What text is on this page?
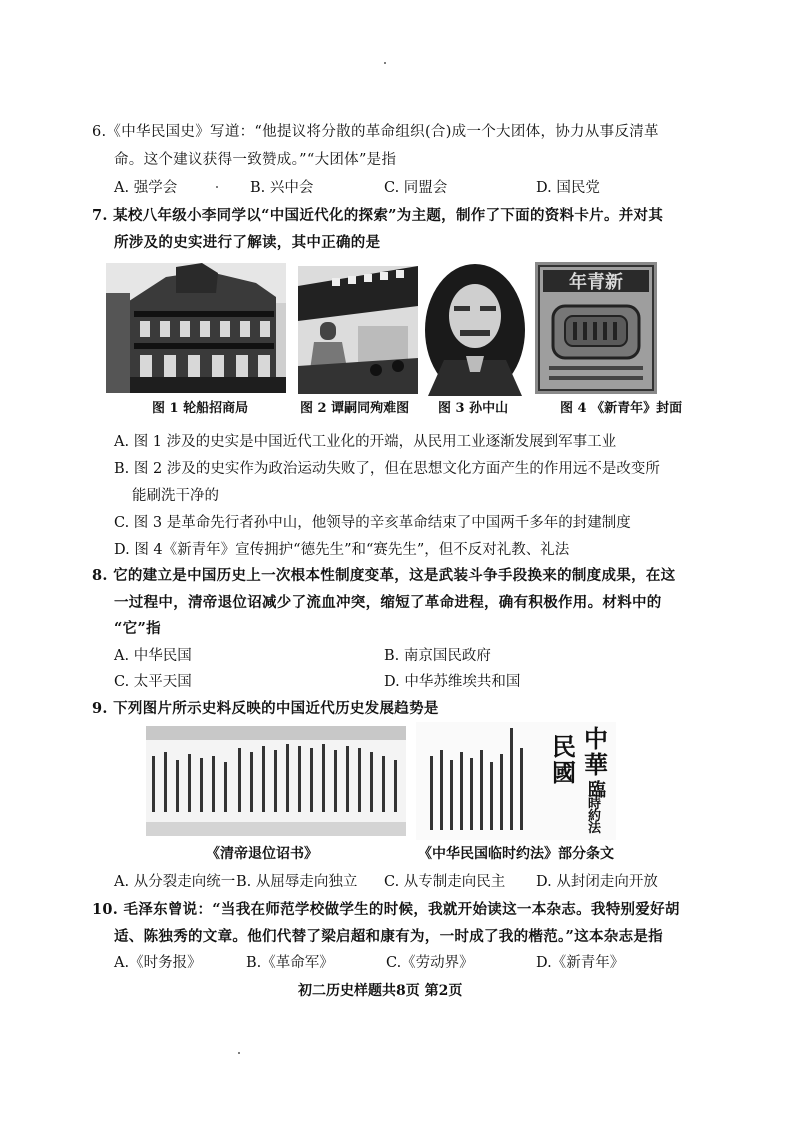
6.《中华民国史》写道：“他提议将分散的革命组织(合)成一个大团体，协力从事反清革
命。这个建议获得一致赞成。”“大团体”是指
A. 强学会	B. 兴中会	C. 同盟会	D. 国民党
7. 某校八年级小李同学以“中国近代化的探索”为主题，制作了下面的资料卡片。并对其
所涉及的史实进行了解读，其中正确的是
图 1 轮船招商局	图 2 谭嗣同殉难图 图 3 孙中山
年青新
图 4 《新青年》封面
A. 图 1 涉及的史实是中国近代工业化的开端，从民用工业逐渐发展到军事工业
B. 图 2 涉及的史实作为政治运动失败了，但在思想文化方面产生的作用远不是改变所
能刷洗干净的
C. 图 3 是革命先行者孙中山，他领导的辛亥革命结束了中国两千多年的封建制度
D. 图 4《新青年》宣传拥护“德先生”和“赛先生”，但不反对礼教、礼法
8. 它的建立是中国历史上一次根本性制度变革，这是武装斗争手段换来的制度成果，在这
一过程中，清帝退位诏减少了流血冲突，缩短了革命进程，确有积极作用。材料中的
“它”指
A. 中华民国	B. 南京国民政府
C. 太平天国	D. 中华苏维埃共和国
9. 下列图片所示史料反映的中国近代历史发展趋势是
《清帝退位诏书》
中
華
民
國
臨
時
約
法
《中华民国临时约法》部分条文
A. 从分裂走向统一 B. 从屈辱走向独立 C. 从专制走向民主 D. 从封闭走向开放
10. 毛泽东曾说：“当我在师范学校做学生的时候，我就开始读这一本杂志。我特别爱好胡
适、陈独秀的文章。他们代替了梁启超和康有为，一时成了我的楷范。”这本杂志是指
A.《时务报》	B.《革命军》	C.《劳动界》	D.《新青年》
初二历史样题共8页 第2页
